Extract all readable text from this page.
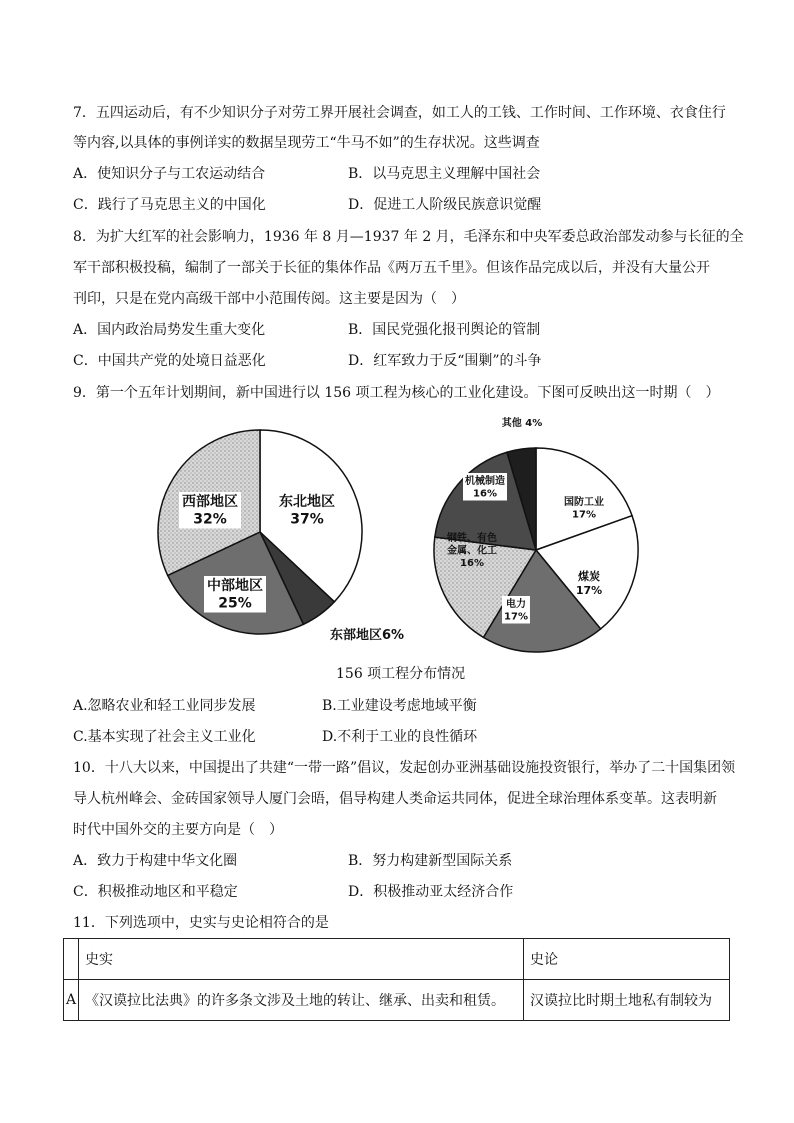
7．五四运动后，有不少知识分子对劳工界开展社会调查，如工人的工钱、工作时间、工作环境、衣食住行
等内容,以具体的事例详实的数据呈现劳工“牛马不如”的生存状况。这些调查
A．使知识分子与工农运动结合	B．以马克思主义理解中国社会
C．践行了马克思主义的中国化	D．促进工人阶级民族意识觉醒
8．为扩大红军的社会影响力，1936 年 8 月—1937 年 2 月，毛泽东和中央军委总政治部发动参与长征的全
军干部积极投稿，编制了一部关于长征的集体作品《两万五千里》。但该作品完成以后，并没有大量公开
刊印，只是在党内高级干部中小范围传阅。这主要是因为（　）
A．国内政治局势发生重大变化	B．国民党强化报刊舆论的管制
C．中国共产党的处境日益恶化	D．红军致力于反“围剿”的斗争
9．第一个五年计划期间，新中国进行以 156 项工程为核心的工业化建设。下图可反映出这一时期（　）
东北地区 37%
西部地区 32%
中部地区 25%
东部地区6%
国防工业 17%
煤炭 17%
电力 17%
钢铁、有色金属、化工 16%
机械制造 16%
其他 4%
156 项工程分布情况
A.忽略农业和轻工业同步发展	B.工业建设考虑地域平衡
C.基本实现了社会主义工业化	D.不利于工业的良性循环
10．十八大以来，中国提出了共建“一带一路”倡议，发起创办亚洲基础设施投资银行，举办了二十国集团领
导人杭州峰会、金砖国家领导人厦门会晤，倡导构建人类命运共同体，促进全球治理体系变革。这表明新
时代中国外交的主要方向是（　）
A．致力于构建中华文化圈	B．努力构建新型国际关系
C．积极推动地区和平稳定	D．积极推动亚太经济合作
11．下列选项中，史实与史论相符合的是
	史实	史论
A	《汉谟拉比法典》的许多条文涉及土地的转让、继承、出卖和租赁。	汉谟拉比时期土地私有制较为
